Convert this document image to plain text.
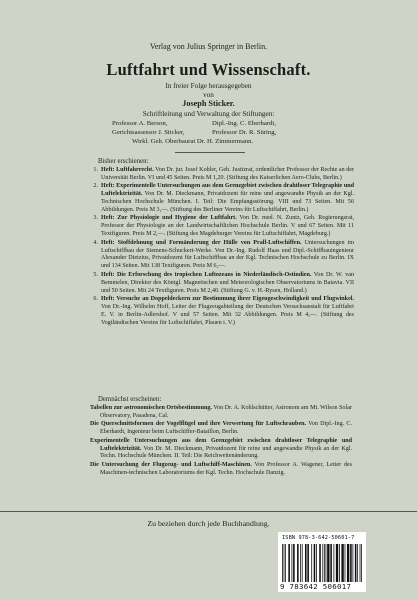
Verlag von Julius Springer in Berlin.
Luftfahrt und Wissenschaft.
In freier Folge herausgegeben
von
Joseph Sticker.
Schriftleitung und Verwaltung der Stiftungen:
Professor A. Berson,	Dipl.-Ing. C. Eberhardt,
Gerichtsassessor J. Sticker,	Professor Dr. R. Süring,
Wirkl. Geh. Oberbaurat Dr. H. Zimmermann.
Bisher erschienen:
1. Heft: Luftfahrrecht. Von Dr. jur. Josef Kohler, Geh. Justizrat, ordentlicher Professor der Rechte an der Universität Berlin. VI und 45 Seiten. Preis M 1,20. (Stiftung des Kaiserlichen Aero-Clubs, Berlin.)
2. Heft: Experimentelle Untersuchungen aus dem Grenzgebiet zwischen drahtloser Telegraphie und Luftelektrizität. Von Dr. M. Dieckmann, Privatdozent für reine und angewandte Physik an der Kgl. Technischen Hochschule München. I. Teil: Die Empfangsstörung. VIII und 73 Seiten. Mit 56 Abbildungen. Preis M 3,—. (Stiftung des Berliner Vereins für Luftschiffahrt, Berlin.)
3. Heft: Zur Physiologie und Hygiene der Luftfahrt. Von Dr. med. N. Zuntz, Geh. Regierungsrat, Professor der Physiologie an der Landwirtschaftlichen Hochschule Berlin. V und 67 Seiten. Mit 11 Textfiguren. Preis M 2,—. (Stiftung des Magdeburger Vereins für Luftschiffahrt, Magdeburg.)
4. Heft: Stoffdehnung und Formänderung der Hülle von Prall-Luftschiffen. Untersuchungen im Luftschiffbau der Siemens-Schuckert-Werke. Von Dr.-Ing. Rudolf Haas und Dipl.-Schiffbauingenieur Alexander Dietzius, Privatdozent für Luftschiffbau an der Kgl. Technischen Hochschule zu Berlin. IX und 134 Seiten. Mit 138 Textfiguren. Preis M 6,—.
5. Heft: Die Erforschung des tropischen Luftozeans in Niederländisch-Ostindien. Von Dr. W. van Bemmelen, Direktor des Königl. Magnetischen und Meteorologischen Observatoriums in Batavia. VII und 50 Seiten. Mit 24 Textfiguren. Preis M 2,40. (Stiftung G. v. H.-Rysen, Holland.)
6. Heft: Versuche an Doppeldeckern zur Bestimmung ihrer Eigengeschwindigkeit und Flugwinkel. Von Dr.-Ing. Wilhelm Hoff, Leiter der Flugzeugabteilung der Deutschen Versuchsanstalt für Luftfahrt E. V. in Berlin-Adlershof. V und 57 Seiten. Mit 32 Abbildungen. Preis M 4,—. (Stiftung des Vogtländischen Vereins für Luftschiffahrt, Plauen i. V.)
Demnächst erscheinen:
Tabellen zur astronomischen Ortsbestimmung. Von Dr. A. Kohlschütter, Astronom am Mt. Wilson Solar Observatory, Pasadena, Cal.
Die Querschnittsformen der Vogelflügel und ihre Verwertung für Luftschrauben. Von Dipl.-Ing. C. Eberhardt, Ingenieur beim Luftschiffer-Bataillon, Berlin.
Experimentelle Untersuchungen aus dem Grenzgebiet zwischen drahtloser Telegraphie und Luftelektrizität. Von Dr. M. Dieckmann, Privatdozent für reine und angewandte Physik an der Kgl. Techn. Hochschule München. II. Teil: Die Reichweitenänderung.
Die Untersuchung der Flugzeug- und Luftschiff-Maschinen. Von Professor A. Wagener, Leiter des Maschinen-technischen Laboratoriums der Kgl. Techn. Hochschule Danzig.
Zu beziehen durch jede Buchhandlung.
ISBN 978-3-642-50601-7
9 783642 506017
